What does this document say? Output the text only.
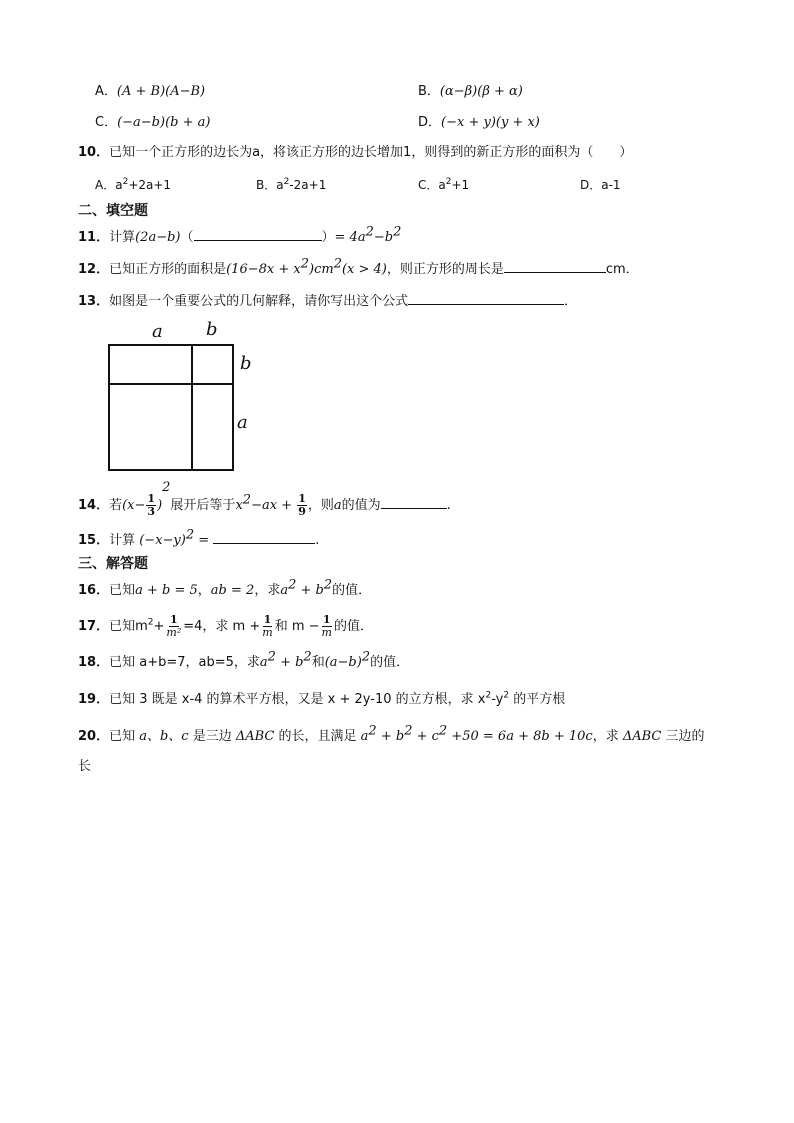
A．(A + B)(A−B)	B．(α−β)(β + α)
C．(−a−b)(b + a)	D．(−x + y)(y + x)
10．已知一个正方形的边长为a，将该正方形的边长增加1，则得到的新正方形的面积为（　　）
A．$a^2+2a+1$	B．$a^2-2a+1$	C．$a^2+1$	D．a-1
二、填空题
11．计算(2a−b)（	）= $4a^2-b^2$
12．已知正方形的面积是$(16-8x + x^2)cm^2(x > 4)$，则正方形的周长是	cm．
13．如图是一个重要公式的几何解释，请你写出这个公式	．
a b
b
a
14．若$(x- \frac{1}{3} )^2$展开后等于$x^2-ax + \frac{1}{9}$ ，则a的值为	.
15．计算 $(-x-y)^2$ =	.
三、解答题
16．已知a + b = 5，ab = 2，求$a^2 + b^2$的值．
17．已知$m^2+ \frac{1}{\text{m²}} =4$，求 $m + \frac{1}{m}$ 和 $m - \frac{1}{m}$ 的值．
18．已知 a+b=7，ab=5，求$a^2 + b^2$和$(a-b)^2$的值．
19．已知 3 既是 x-4 的算术平方根，又是 x + 2y-10 的立方根，求 $x^2-y^2$ 的平方根
20．已知 a、b、c 是三边 ΔABC 的长，且满足 $a^2 + b^2 + c^2 +50 = 6a + 8b + 10c$，求 ΔABC 三边的
长
